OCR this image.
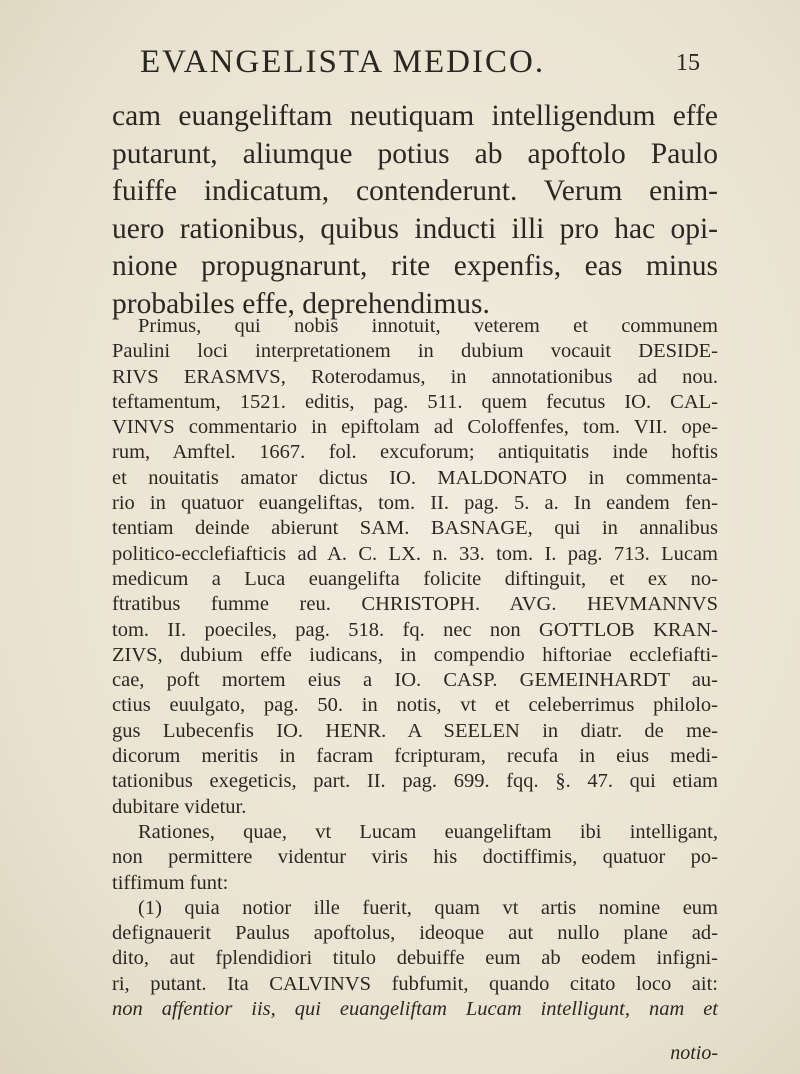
EVANGELISTA MEDICO.	15
cam euangeliftam neutiquam intelligendum effe
putarunt, aliumque potius ab apoftolo Paulo
fuiffe indicatum, contenderunt. Verum enim-
uero rationibus, quibus inducti illi pro hac opi-
nione propugnarunt, rite expenfis, eas minus
probabiles effe, deprehendimus.
Primus, qui nobis innotuit, veterem et communem
Paulini loci interpretationem in dubium vocauit DESIDE-
RIVS ERASMVS, Roterodamus, in annotationibus ad nou.
teftamentum, 1521. editis, pag. 511. quem fecutus IO. CAL-
VINVS commentario in epiftolam ad Coloffenfes, tom. VII. ope-
rum, Amftel. 1667. fol. excuforum; antiquitatis inde hoftis
et nouitatis amator dictus IO. MALDONATO in commenta-
rio in quatuor euangeliftas, tom. II. pag. 5. a. In eandem fen-
tentiam deinde abierunt SAM. BASNAGE, qui in annalibus
politico-ecclefiafticis ad A. C. LX. n. 33. tom. I. pag. 713. Lucam
medicum a Luca euangelifta folicite diftinguit, et ex no-
ftratibus fumme reu. CHRISTOPH. AVG. HEVMANNVS
tom. II. poeciles, pag. 518. fq. nec non GOTTLOB KRAN-
ZIVS, dubium effe iudicans, in compendio hiftoriae ecclefiafti-
cae, poft mortem eius a IO. CASP. GEMEINHARDT au-
ctius euulgato, pag. 50. in notis, vt et celeberrimus philolo-
gus Lubecenfis IO. HENR. A SEELEN in diatr. de me-
dicorum meritis in facram fcripturam, recufa in eius medi-
tationibus exegeticis, part. II. pag. 699. fqq. §. 47. qui etiam
dubitare videtur.
Rationes, quae, vt Lucam euangeliftam ibi intelligant,
non permittere videntur viris his doctiffimis, quatuor po-
tiffimum funt:
(1) quia notior ille fuerit, quam vt artis nomine eum
defignauerit Paulus apoftolus, ideoque aut nullo plane ad-
dito, aut fplendidiori titulo debuiffe eum ab eodem infigni-
ri, putant. Ita CALVINVS fubfumit, quando citato loco ait:
non affentior iis, qui euangeliftam Lucam intelligunt, nam et
notio-
